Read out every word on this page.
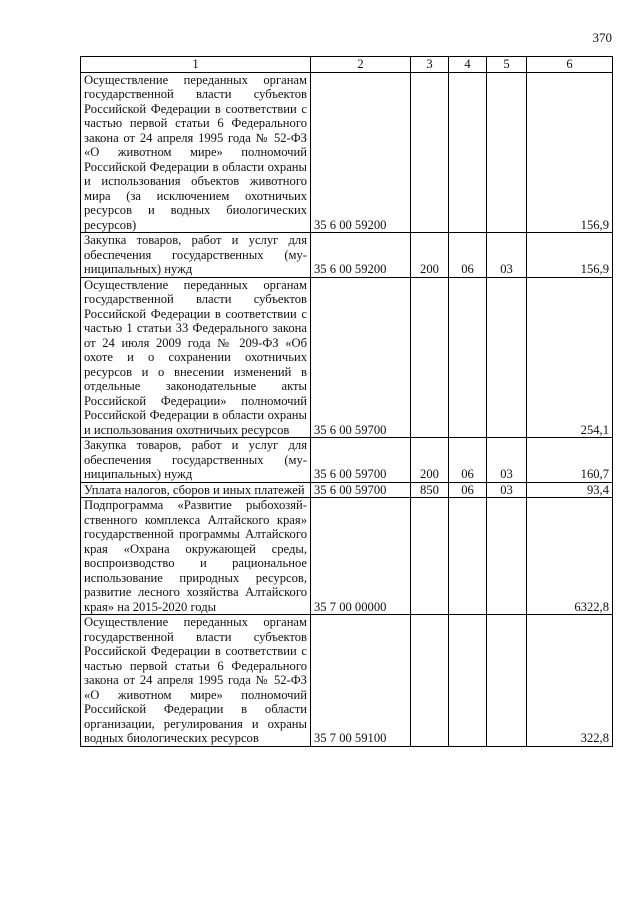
370
1	2	3	4	5	6
Осуществление переданных органам государственной власти субъектов Российской Федерации в соответствии с частью первой статьи 6 Федерального закона от 24 апреля 1995 года № 52-ФЗ «О животном мире» полномочий Российской Федерации в области охраны и использования объектов животного мира (за исключением охотничьих ресурсов и водных биологических ресурсов)	35 6 00 59200				156,9
Закупка товаров, работ и услуг для обеспечения государственных (муниципальных) нужд	35 6 00 59200	200	06	03	156,9
Осуществление переданных органам государственной власти субъектов Российской Федерации в соответствии с частью 1 статьи 33 Федерального закона от 24 июля 2009 года № 209-ФЗ «Об охоте и о сохранении охотничьих ресурсов и о внесении изменений в отдельные законодательные акты Российской Федерации» полномочий Российской Федерации в области охраны и использования охотничьих ресурсов	35 6 00 59700				254,1
Закупка товаров, работ и услуг для обеспечения государственных (муниципальных) нужд	35 6 00 59700	200	06	03	160,7
Уплата налогов, сборов и иных платежей	35 6 00 59700	850	06	03	93,4
Подпрограмма «Развитие рыбохозяйственного комплекса Алтайского края» государственной программы Алтайского края «Охрана окружающей среды, воспроизводство и рациональное использование природных ресурсов, развитие лесного хозяйства Алтайского края» на 2015-2020 годы	35 7 00 00000				6322,8
Осуществление переданных органам государственной власти субъектов Российской Федерации в соответствии с частью первой статьи 6 Федерального закона от 24 апреля 1995 года № 52-ФЗ «О животном мире» полномочий Российской Федерации в области организации, регулирования и охраны водных биологических ресурсов	35 7 00 59100				322,8
